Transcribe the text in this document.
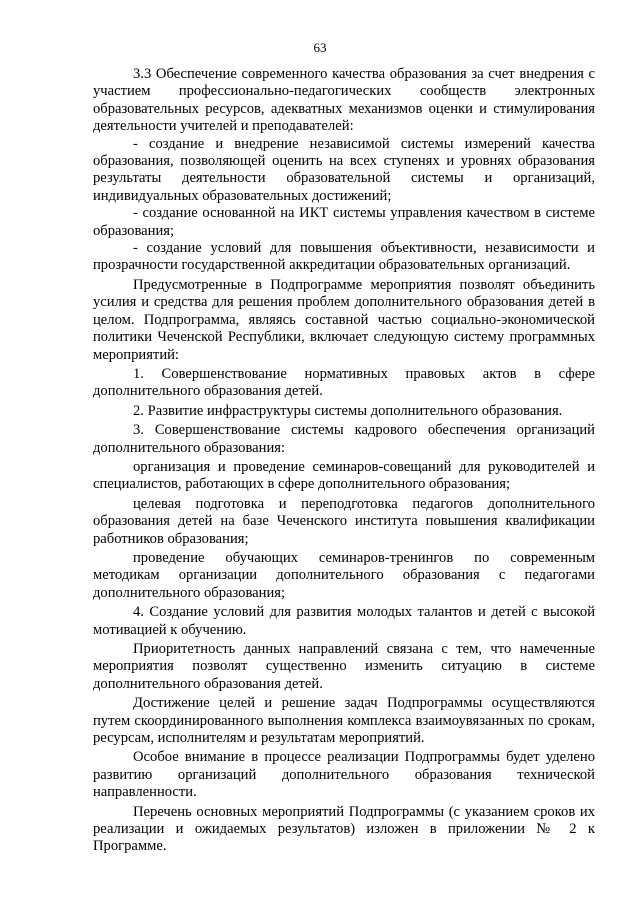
63

3.3 Обеспечение современного качества образования за счет внедрения с участием профессионально-педагогических сообществ электронных образовательных ресурсов, адекватных механизмов оценки и стимулирования деятельности учителей и преподавателей:

- создание и внедрение независимой системы измерений качества образования, позволяющей оценить на всех ступенях и уровнях образования результаты деятельности образовательной системы и организаций, индивидуальных образовательных достижений;

- создание основанной на ИКТ системы управления качеством в системе образования;

- создание условий для повышения объективности, независимости и прозрачности государственной аккредитации образовательных организаций.

Предусмотренные в Подпрограмме мероприятия позволят объединить усилия и средства для решения проблем дополнительного образования детей в целом. Подпрограмма, являясь составной частью социально-экономической политики Чеченской Республики, включает следующую систему программных мероприятий:

1. Совершенствование нормативных правовых актов в сфере дополнительного образования детей.

2. Развитие инфраструктуры системы дополнительного образования.

3. Совершенствование системы кадрового обеспечения организаций дополнительного образования:

организация и проведение семинаров-совещаний для руководителей и специалистов, работающих в сфере дополнительного образования;

целевая подготовка и переподготовка педагогов дополнительного образования детей на базе Чеченского института повышения квалификации работников образования;

проведение обучающих семинаров-тренингов по современным методикам организации дополнительного образования с педагогами дополнительного образования;

4. Создание условий для развития молодых талантов и детей с высокой мотивацией к обучению.

Приоритетность данных направлений связана с тем, что намеченные мероприятия позволят существенно изменить ситуацию в системе дополнительного образования детей.

Достижение целей и решение задач Подпрограммы осуществляются путем скоординированного выполнения комплекса взаимоувязанных по срокам, ресурсам, исполнителям и результатам мероприятий.

Особое внимание в процессе реализации Подпрограммы будет уделено развитию организаций дополнительного образования технической направленности.

Перечень основных мероприятий Подпрограммы (с указанием сроков их реализации и ожидаемых результатов) изложен в приложении № 2 к Программе.
